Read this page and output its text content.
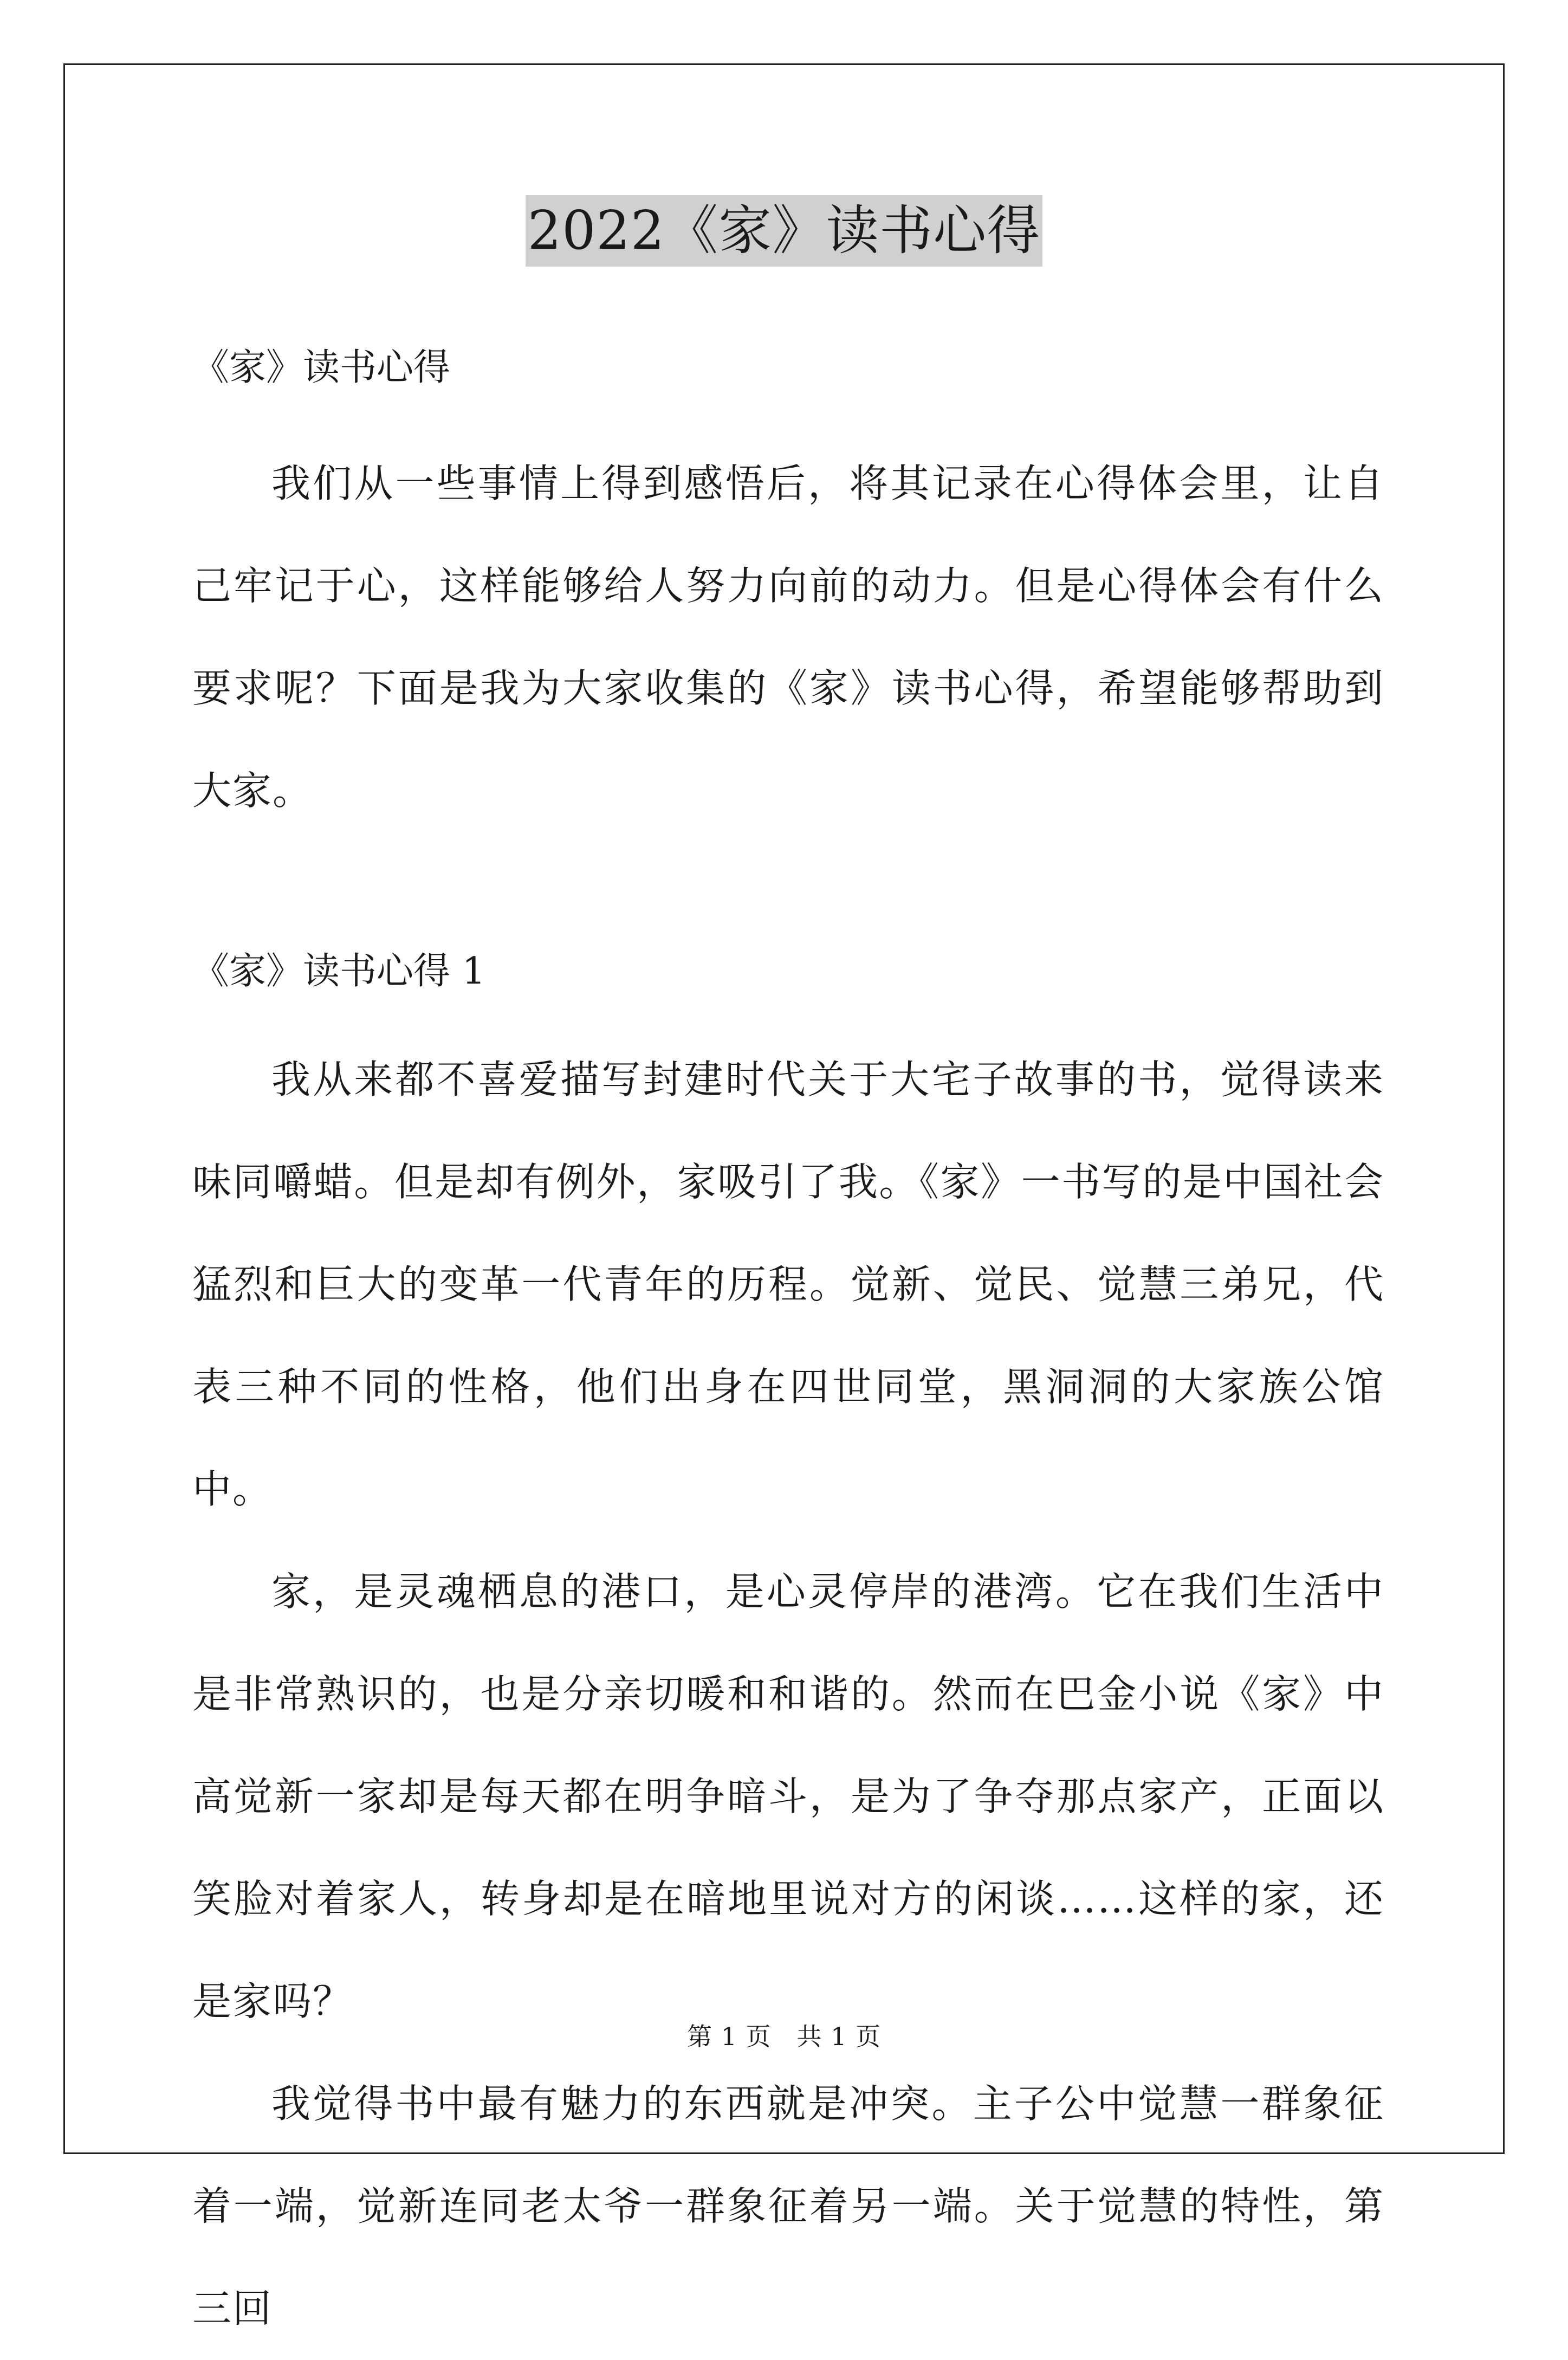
2022《家》读书心得

《家》读书心得

我们从一些事情上得到感悟后，将其记录在心得体会里，让自己牢记于心，这样能够给人努力向前的动力。但是心得体会有什么要求呢？下面是我为大家收集的《家》读书心得，希望能够帮助到大家。

《家》读书心得 1

我从来都不喜爱描写封建时代关于大宅子故事的书，觉得读来味同嚼蜡。但是却有例外，家吸引了我。《家》一书写的是中国社会猛烈和巨大的变革一代青年的历程。觉新、觉民、觉慧三弟兄，代表三种不同的性格，他们出身在四世同堂，黑洞洞的大家族公馆中。

家，是灵魂栖息的港口，是心灵停岸的港湾。它在我们生活中是非常熟识的，也是分亲切暖和和谐的。然而在巴金小说《家》中高觉新一家却是每天都在明争暗斗，是为了争夺那点家产，正面以笑脸对着家人，转身却是在暗地里说对方的闲谈……这样的家，还是家吗？

我觉得书中最有魅力的东西就是冲突。主子公中觉慧一群象征着一端，觉新连同老太爷一群象征着另一端。关于觉慧的特性，第三回

第 1 页　共 1 页
